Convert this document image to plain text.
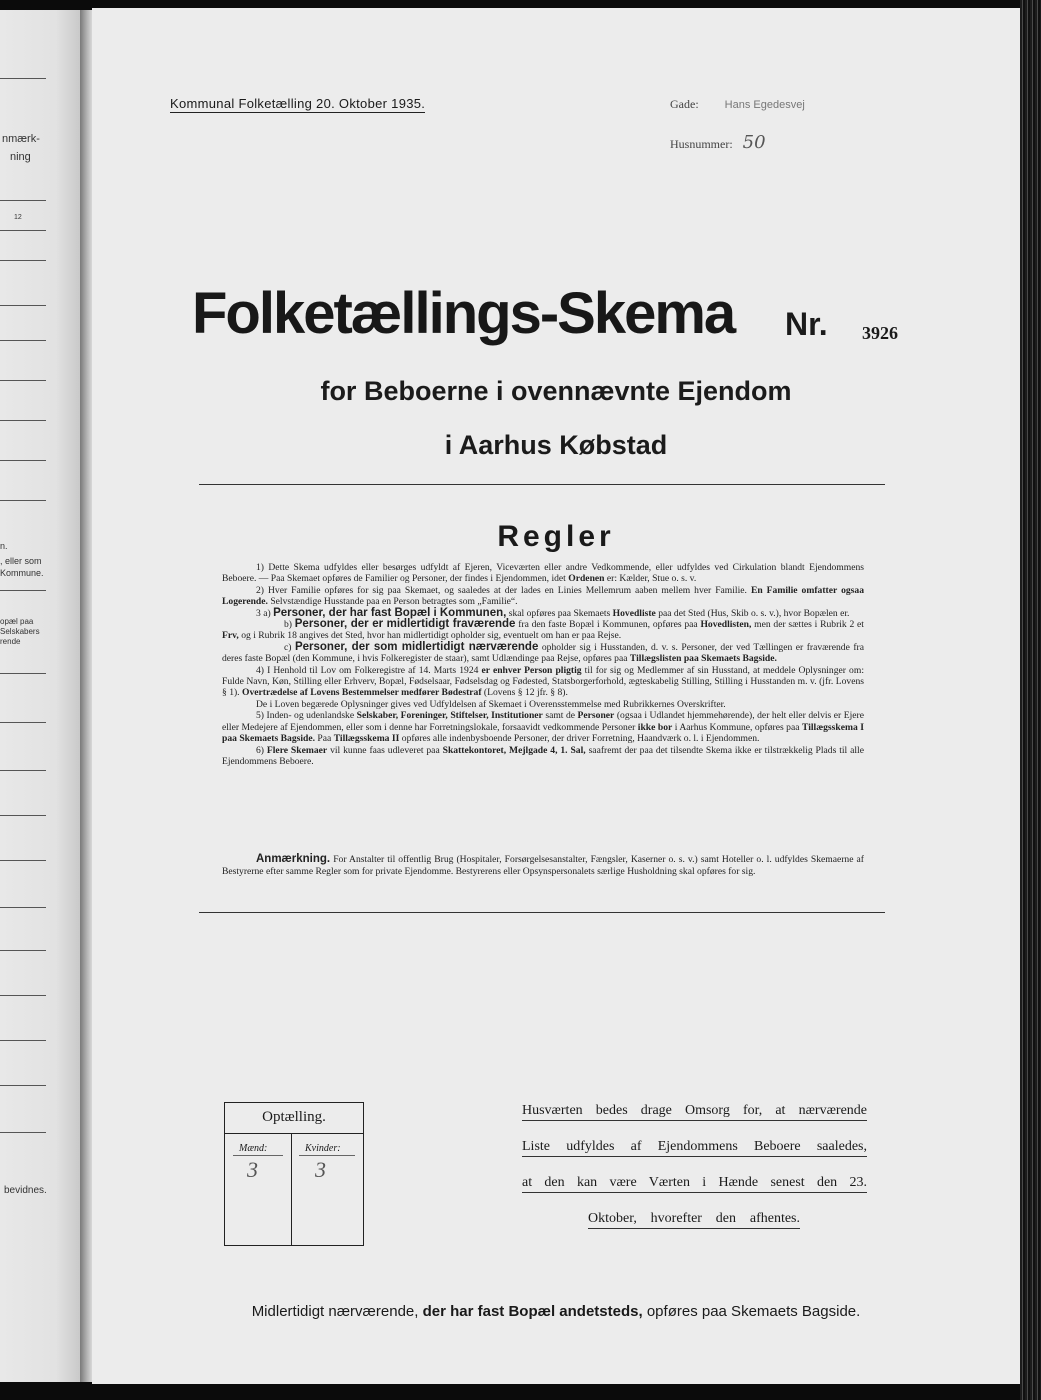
nmærk-
ning
12
n.
, eller som
Kommune.
opæl paa
Selskabers
rende
bevidnes.
Kommunal Folketælling 20. Oktober 1935.	Gade: Hans Egedesvej
Husnummer: 50
Folketællings-Skema Nr. 3926
for Beboerne i ovennævnte Ejendom
i Aarhus Købstad
Regler

1) Dette Skema udfyldes eller besørges udfyldt af Ejeren, Viceværten eller andre Vedkommende, eller udfyldes ved Cirkulation blandt Ejendommens Beboere. — Paa Skemaet opføres de Familier og Personer, der findes i Ejendommen, idet Ordenen er: Kælder, Stue o. s. v.

2) Hver Familie opføres for sig paa Skemaet, og saaledes at der lades en Linies Mellemrum aaben mellem hver Familie. En Familie omfatter ogsaa Logerende. Selvstændige Husstande paa en Person betragtes som „Familie“.

3 a) Personer, der har fast Bopæl i Kommunen, skal opføres paa Skemaets Hovedliste paa det Sted (Hus, Skib o. s. v.), hvor Bopælen er.

b) Personer, der er midlertidigt fraværende fra den faste Bopæl i Kommunen, opføres paa Hovedlisten, men der sættes i Rubrik 2 et Frv, og i Rubrik 18 angives det Sted, hvor han midlertidigt opholder sig, eventuelt om han er paa Rejse.

c) Personer, der som midlertidigt nærværende opholder sig i Husstanden, d. v. s. Personer, der ved Tællingen er fraværende fra deres faste Bopæl (den Kommune, i hvis Folkeregister de staar), samt Udlændinge paa Rejse, opføres paa Tillægslisten paa Skemaets Bagside.

4) I Henhold til Lov om Folkeregistre af 14. Marts 1924 er enhver Person pligtig til for sig og Medlemmer af sin Husstand, at meddele Oplysninger om: Fulde Navn, Køn, Stilling eller Erhverv, Bopæl, Fødselsaar, Fødselsdag og Fødested, Statsborgerforhold, ægteskabelig Stilling, Stilling i Husstanden m. v. (jfr. Lovens § 1). Overtrædelse af Lovens Bestemmelser medfører Bødestraf (Lovens § 12 jfr. § 8).

De i Loven begærede Oplysninger gives ved Udfyldelsen af Skemaet i Overensstemmelse med Rubrikkernes Overskrifter.

5) Inden- og udenlandske Selskaber, Foreninger, Stiftelser, Institutioner samt de Personer (ogsaa i Udlandet hjemmehørende), der helt eller delvis er Ejere eller Medejere af Ejendommen, eller som i denne har Forretningslokale, forsaavidt vedkommende Personer ikke bor i Aarhus Kommune, opføres paa Tillægsskema I paa Skemaets Bagside. Paa Tillægsskema II opføres alle indenbysboende Personer, der driver Forretning, Haandværk o. l. i Ejendommen.

6) Flere Skemaer vil kunne faas udleveret paa Skattekontoret, Mejlgade 4, 1. Sal, saafremt der paa det tilsendte Skema ikke er tilstrækkelig Plads til alle Ejendommens Beboere.

Anmærkning. For Anstalter til offentlig Brug (Hospitaler, Forsørgelsesanstalter, Fængsler, Kaserner o. s. v.) samt Hoteller o. l. udfyldes Skemaerne af Bestyrerne efter samme Regler som for private Ejendomme. Bestyrerens eller Opsynspersonalets særlige Husholdning skal opføres for sig.

Optælling.
Mænd:	Kvinder:
3	3
Husværten bedes drage Omsorg for, at nærværende
Liste udfyldes af Ejendommens Beboere saaledes,
at den kan være Værten i Hænde senest den 23.
Oktober, hvorefter den afhentes.
Midlertidigt nærværende, der har fast Bopæl andetsteds, opføres paa Skemaets Bagside.
